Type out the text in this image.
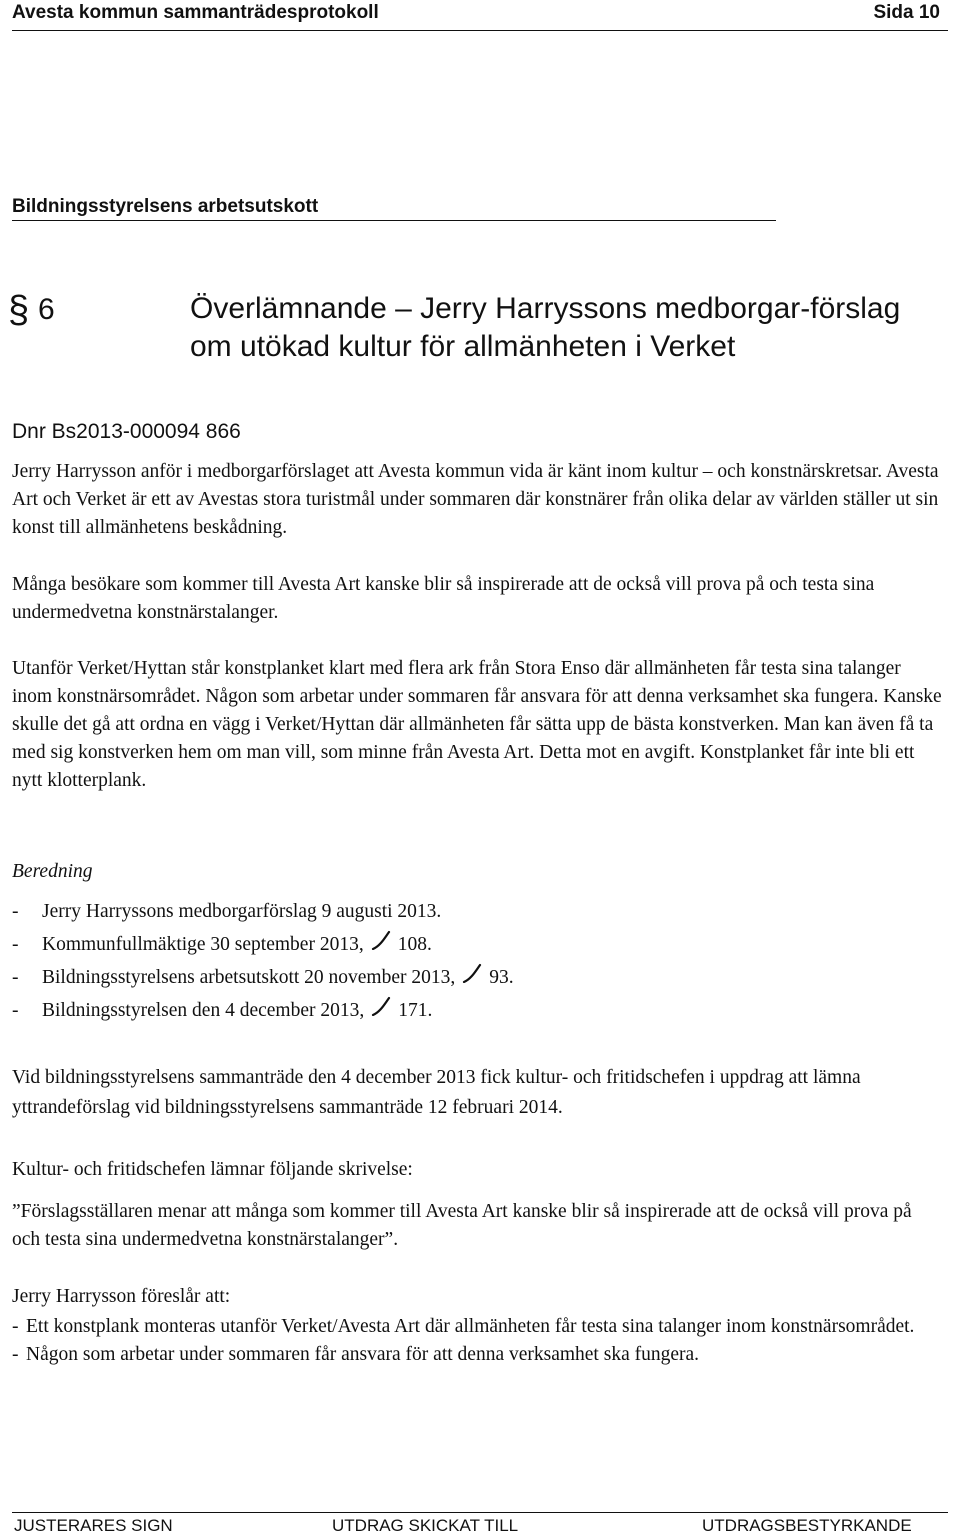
Avesta kommun sammanträdesprotokoll	Sida 10
Bildningsstyrelsens arbetsutskott
§ 6	Överlämnande – Jerry Harryssons medborgar-förslag om utökad kultur för allmänheten i Verket
Dnr Bs2013-000094 866
Jerry Harrysson anför i medborgarförslaget att Avesta kommun vida är känt inom kultur – och konstnärskretsar. Avesta Art och Verket är ett av Avestas stora turistmål under sommaren där konstnärer från olika delar av världen ställer ut sin konst till allmänhetens beskådning.
Många besökare som kommer till Avesta Art kanske blir så inspirerade att de också vill prova på och testa sina undermedvetna konstnärstalanger.
Utanför Verket/Hyttan står konstplanket klart med flera ark från Stora Enso där allmänheten får testa sina talanger inom konstnärsområdet. Någon som arbetar under sommaren får ansvara för att denna verksamhet ska fungera. Kanske skulle det gå att ordna en vägg i Verket/Hyttan där allmänheten får sätta upp de bästa konstverken. Man kan även få ta med sig konstverken hem om man vill, som minne från Avesta Art. Detta mot en avgift. Konstplanket får inte bli ett nytt klotterplank.
Beredning
-	Jerry Harryssons medborgarförslag 9 augusti 2013.
-	Kommunfullmäktige 30 september 2013, 108.
-	Bildningsstyrelsens arbetsutskott 20 november 2013, 93.
-	Bildningsstyrelsen den 4 december 2013, 171.
Vid bildningsstyrelsens sammanträde den 4 december 2013 fick kultur- och fritidschefen i uppdrag att lämna yttrandeförslag vid bildningsstyrelsens sammanträde 12 februari 2014.
Kultur- och fritidschefen lämnar följande skrivelse:
”Förslagsställaren menar att många som kommer till Avesta Art kanske blir så inspirerade att de också vill prova på och testa sina undermedvetna konstnärstalanger”.
Jerry Harrysson föreslår att:
- Ett konstplank monteras utanför Verket/Avesta Art där allmänheten får testa sina talanger inom konstnärsområdet.
- Någon som arbetar under sommaren får ansvara för att denna verksamhet ska fungera.
JUSTERARES SIGN	UTDRAG SKICKAT TILL	UTDRAGSBESTYRKANDE
